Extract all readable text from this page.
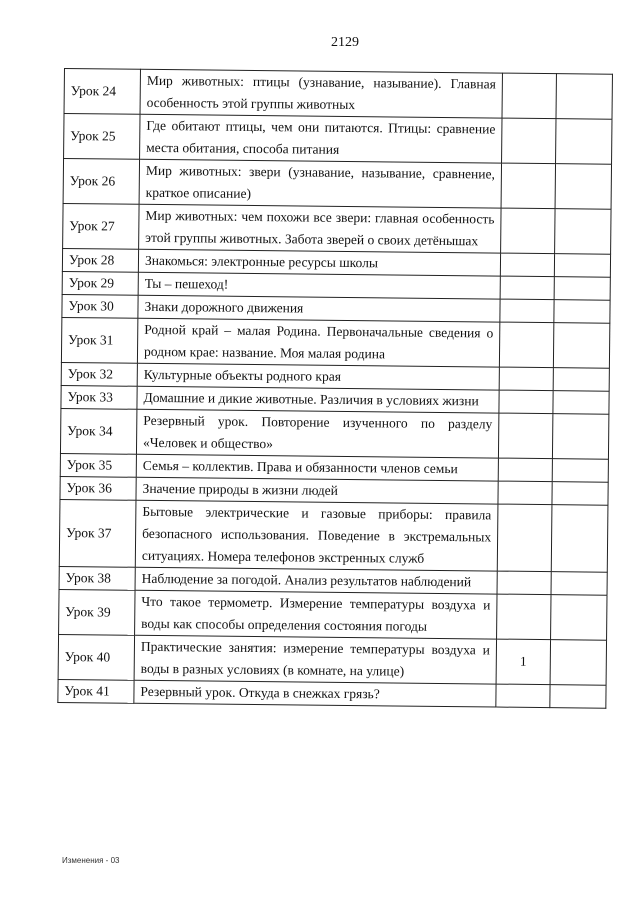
2129
Урок 24	Мир животных: птицы (узнавание, называние). Главная особенность этой группы животных		
Урок 25	Где обитают птицы, чем они питаются. Птицы: сравнение места обитания, способа питания		
Урок 26	Мир животных: звери (узнавание, называние, сравнение, краткое описание)		
Урок 27	Мир животных: чем похожи все звери: главная особенность этой группы животных. Забота зверей о своих детёнышах		
Урок 28	Знакомься: электронные ресурсы школы		
Урок 29	Ты – пешеход!		
Урок 30	Знаки дорожного движения		
Урок 31	Родной край – малая Родина. Первоначальные сведения о родном крае: название. Моя малая родина		
Урок 32	Культурные объекты родного края		
Урок 33	Домашние и дикие животные. Различия в условиях жизни		
Урок 34	Резервный урок. Повторение изученного по разделу «Человек и общество»		
Урок 35	Семья – коллектив. Права и обязанности членов семьи		
Урок 36	Значение природы в жизни людей		
Урок 37	Бытовые электрические и газовые приборы: правила безопасного использования. Поведение в экстремальных ситуациях. Номера телефонов экстренных служб		
Урок 38	Наблюдение за погодой. Анализ результатов наблюдений		
Урок 39	Что такое термометр. Измерение температуры воздуха и воды как способы определения состояния погоды		
Урок 40	Практические занятия: измерение температуры воздуха и воды в разных условиях (в комнате, на улице)	1	
Урок 41	Резервный урок. Откуда в снежках грязь?		
Изменения - 03
